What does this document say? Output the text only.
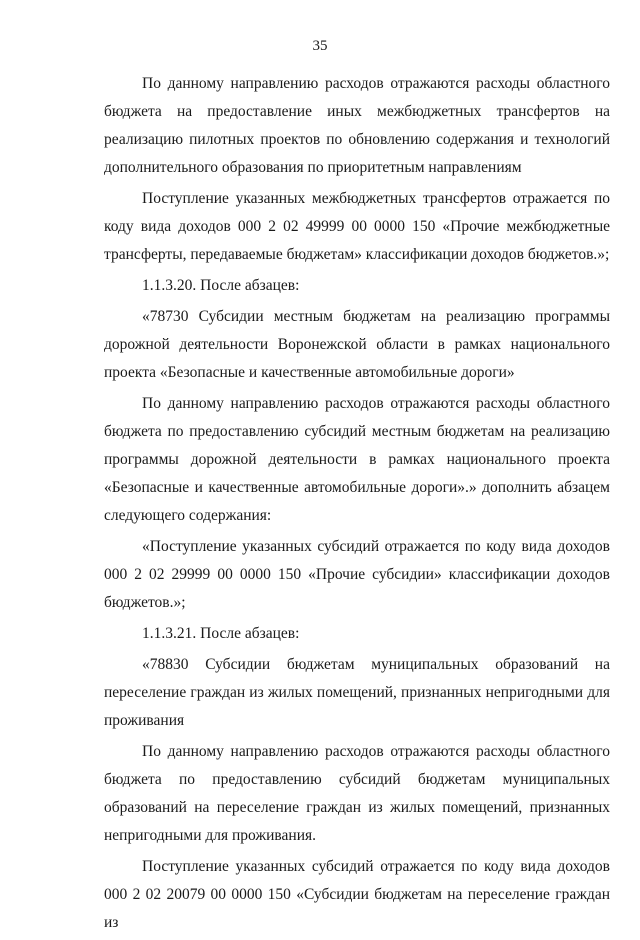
35

По данному направлению расходов отражаются расходы областного бюджета на предоставление иных межбюджетных трансфертов на реализацию пилотных проектов по обновлению содержания и технологий дополнительного образования по приоритетным направлениям

Поступление указанных межбюджетных трансфертов отражается по коду вида доходов 000 2 02 49999 00 0000 150 «Прочие межбюджетные трансферты, передаваемые бюджетам» классификации доходов бюджетов.»;

1.1.3.20. После абзацев:

«78730 Субсидии местным бюджетам на реализацию программы дорожной деятельности Воронежской области в рамках национального проекта «Безопасные и качественные автомобильные дороги»

По данному направлению расходов отражаются расходы областного бюджета по предоставлению субсидий местным бюджетам на реализацию программы дорожной деятельности в рамках национального проекта «Безопасные и качественные автомобильные дороги».» дополнить абзацем следующего содержания:

«Поступление указанных субсидий отражается по коду вида доходов 000 2 02 29999 00 0000 150 «Прочие субсидии» классификации доходов бюджетов.»;

1.1.3.21. После абзацев:

«78830 Субсидии бюджетам муниципальных образований на переселение граждан из жилых помещений, признанных непригодными для проживания

По данному направлению расходов отражаются расходы областного бюджета по предоставлению субсидий бюджетам муниципальных образований на переселение граждан из жилых помещений, признанных непригодными для проживания.

Поступление указанных субсидий отражается по коду вида доходов 000 2 02 20079 00 0000 150 «Субсидии бюджетам на переселение граждан из
